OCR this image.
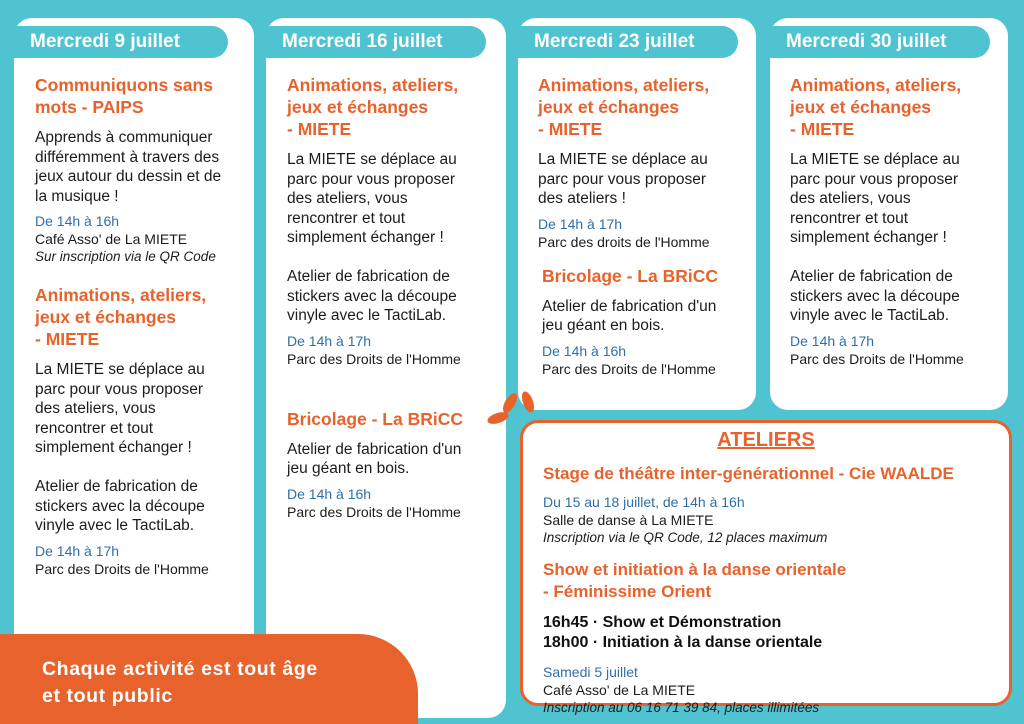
Mercredi 9 juillet
Communiquons sans
mots - PAIPS
Apprends à communiquer
différemment à travers des
jeux autour du dessin et de
la musique !
De 14h à 16h
Café Asso' de La MIETE
Sur inscription via le QR Code
Animations, ateliers,
jeux et échanges
- MIETE
La MIETE se déplace au
parc pour vous proposer
des ateliers, vous
rencontrer et tout
simplement échanger !

Atelier de fabrication de
stickers avec la découpe
vinyle avec le TactiLab.
De 14h à 17h
Parc des Droits de l'Homme
Mercredi 16 juillet
Animations, ateliers,
jeux et échanges
- MIETE
La MIETE se déplace au
parc pour vous proposer
des ateliers, vous
rencontrer et tout
simplement échanger !

Atelier de fabrication de
stickers avec la découpe
vinyle avec le TactiLab.
De 14h à 17h
Parc des Droits de l'Homme
Bricolage - La BRiCC
Atelier de fabrication d'un
jeu géant en bois.
De 14h à 16h
Parc des Droits de l'Homme
Mercredi 23 juillet
Animations, ateliers,
jeux et échanges
- MIETE
La MIETE se déplace au
parc pour vous proposer
des ateliers !
De 14h à 17h
Parc des droits de l'Homme
Bricolage - La BRiCC
Atelier de fabrication d'un
jeu géant en bois.
De 14h à 16h
Parc des Droits de l'Homme
Mercredi 30 juillet
Animations, ateliers,
jeux et échanges
- MIETE
La MIETE se déplace au
parc pour vous proposer
des ateliers, vous
rencontrer et tout
simplement échanger !

Atelier de fabrication de
stickers avec la découpe
vinyle avec le TactiLab.
De 14h à 17h
Parc des Droits de l'Homme
ATELIERS
Stage de théâtre inter-générationnel - Cie WAALDE
Du 15 au 18 juillet, de 14h à 16h
Salle de danse à La MIETE
Inscription via le QR Code, 12 places maximum
Show et initiation à la danse orientale
- Féminissime Orient
16h45 · Show et Démonstration
18h00 · Initiation à la danse orientale
Samedi 5 juillet
Café Asso' de La MIETE
Inscription au 06 16 71 39 84, places illimitées
Chaque activité est tout âge
et tout public
